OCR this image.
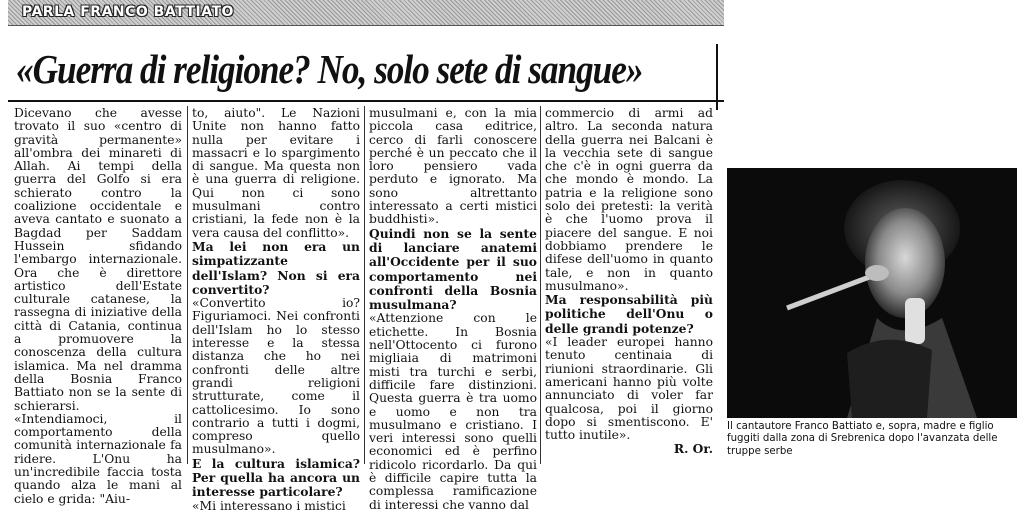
PARLA FRANCO BATTIATO
«Guerra di religione? No, solo sete di sangue»
Dicevano che avesse trovato il suo «centro di gravità permanente» all'ombra dei minareti di Allah. Ai tempi della guerra del Golfo si era schierato contro la coalizione occidentale e aveva cantato e suonato a Bagdad per Saddam Hussein sfidando l'embargo internazionale. Ora che è direttore artistico dell'Estate culturale catanese, la rassegna di iniziative della città di Catania, continua a promuovere la conoscenza della cultura islamica. Ma nel dramma della Bosnia Franco Battiato non se la sente di schierarsi.
«Intendiamoci, il comportamento della comunità internazionale fa ridere. L'Onu ha un'incredibile faccia tosta quando alza le mani al cielo e grida: "Aiu-
to, aiuto". Le Nazioni Unite non hanno fatto nulla per evitare i massacri e lo spargimento di sangue. Ma questa non è una guerra di religione. Qui non ci sono musulmani contro cristiani, la fede non è la vera causa del conflitto».
Ma lei non era un simpatizzante dell'Islam? Non si era convertito?
«Convertito io? Figuriamoci. Nei confronti dell'Islam ho lo stesso interesse e la stessa distanza che ho nei confronti delle altre grandi religioni strutturate, come il cattolicesimo. Io sono contrario a tutti i dogmi, compreso quello musulmano».
E la cultura islamica? Per quella ha ancora un interesse particolare?
«Mi interessano i mistici
musulmani e, con la mia piccola casa editrice, cerco di farli conoscere perché è un peccato che il loro pensiero vada perduto e ignorato. Ma sono altrettanto interessato a certi mistici buddhisti».
Quindi non se la sente di lanciare anatemi all'Occidente per il suo comportamento nei confronti della Bosnia musulmana?
«Attenzione con le etichette. In Bosnia nell'Ottocento ci furono migliaia di matrimoni misti tra turchi e serbi, difficile fare distinzioni. Questa guerra è tra uomo e uomo e non tra musulmano e cristiano. I veri interessi sono quelli economici ed è perfino ridicolo ricordarlo. Da qui è difficile capire tutta la complessa ramificazione di interessi che vanno dal
commercio di armi ad altro. La seconda natura della guerra nei Balcani è la vecchia sete di sangue che c'è in ogni guerra da che mondo è mondo. La patria e la religione sono solo dei pretesti: la verità è che l'uomo prova il piacere del sangue. E noi dobbiamo prendere le difese dell'uomo in quanto tale, e non in quanto musulmano».
Ma responsabilità più politiche dell'Onu o delle grandi potenze?
«I leader europei hanno tenuto centinaia di riunioni straordinarie. Gli americani hanno più volte annunciato di voler far qualcosa, poi il giorno dopo si smentiscono. E' tutto inutile».

R. Or.
Il cantautore Franco Battiato e, sopra, madre e figlio fuggiti dalla zona di Srebrenica dopo l'avanzata delle truppe serbe
